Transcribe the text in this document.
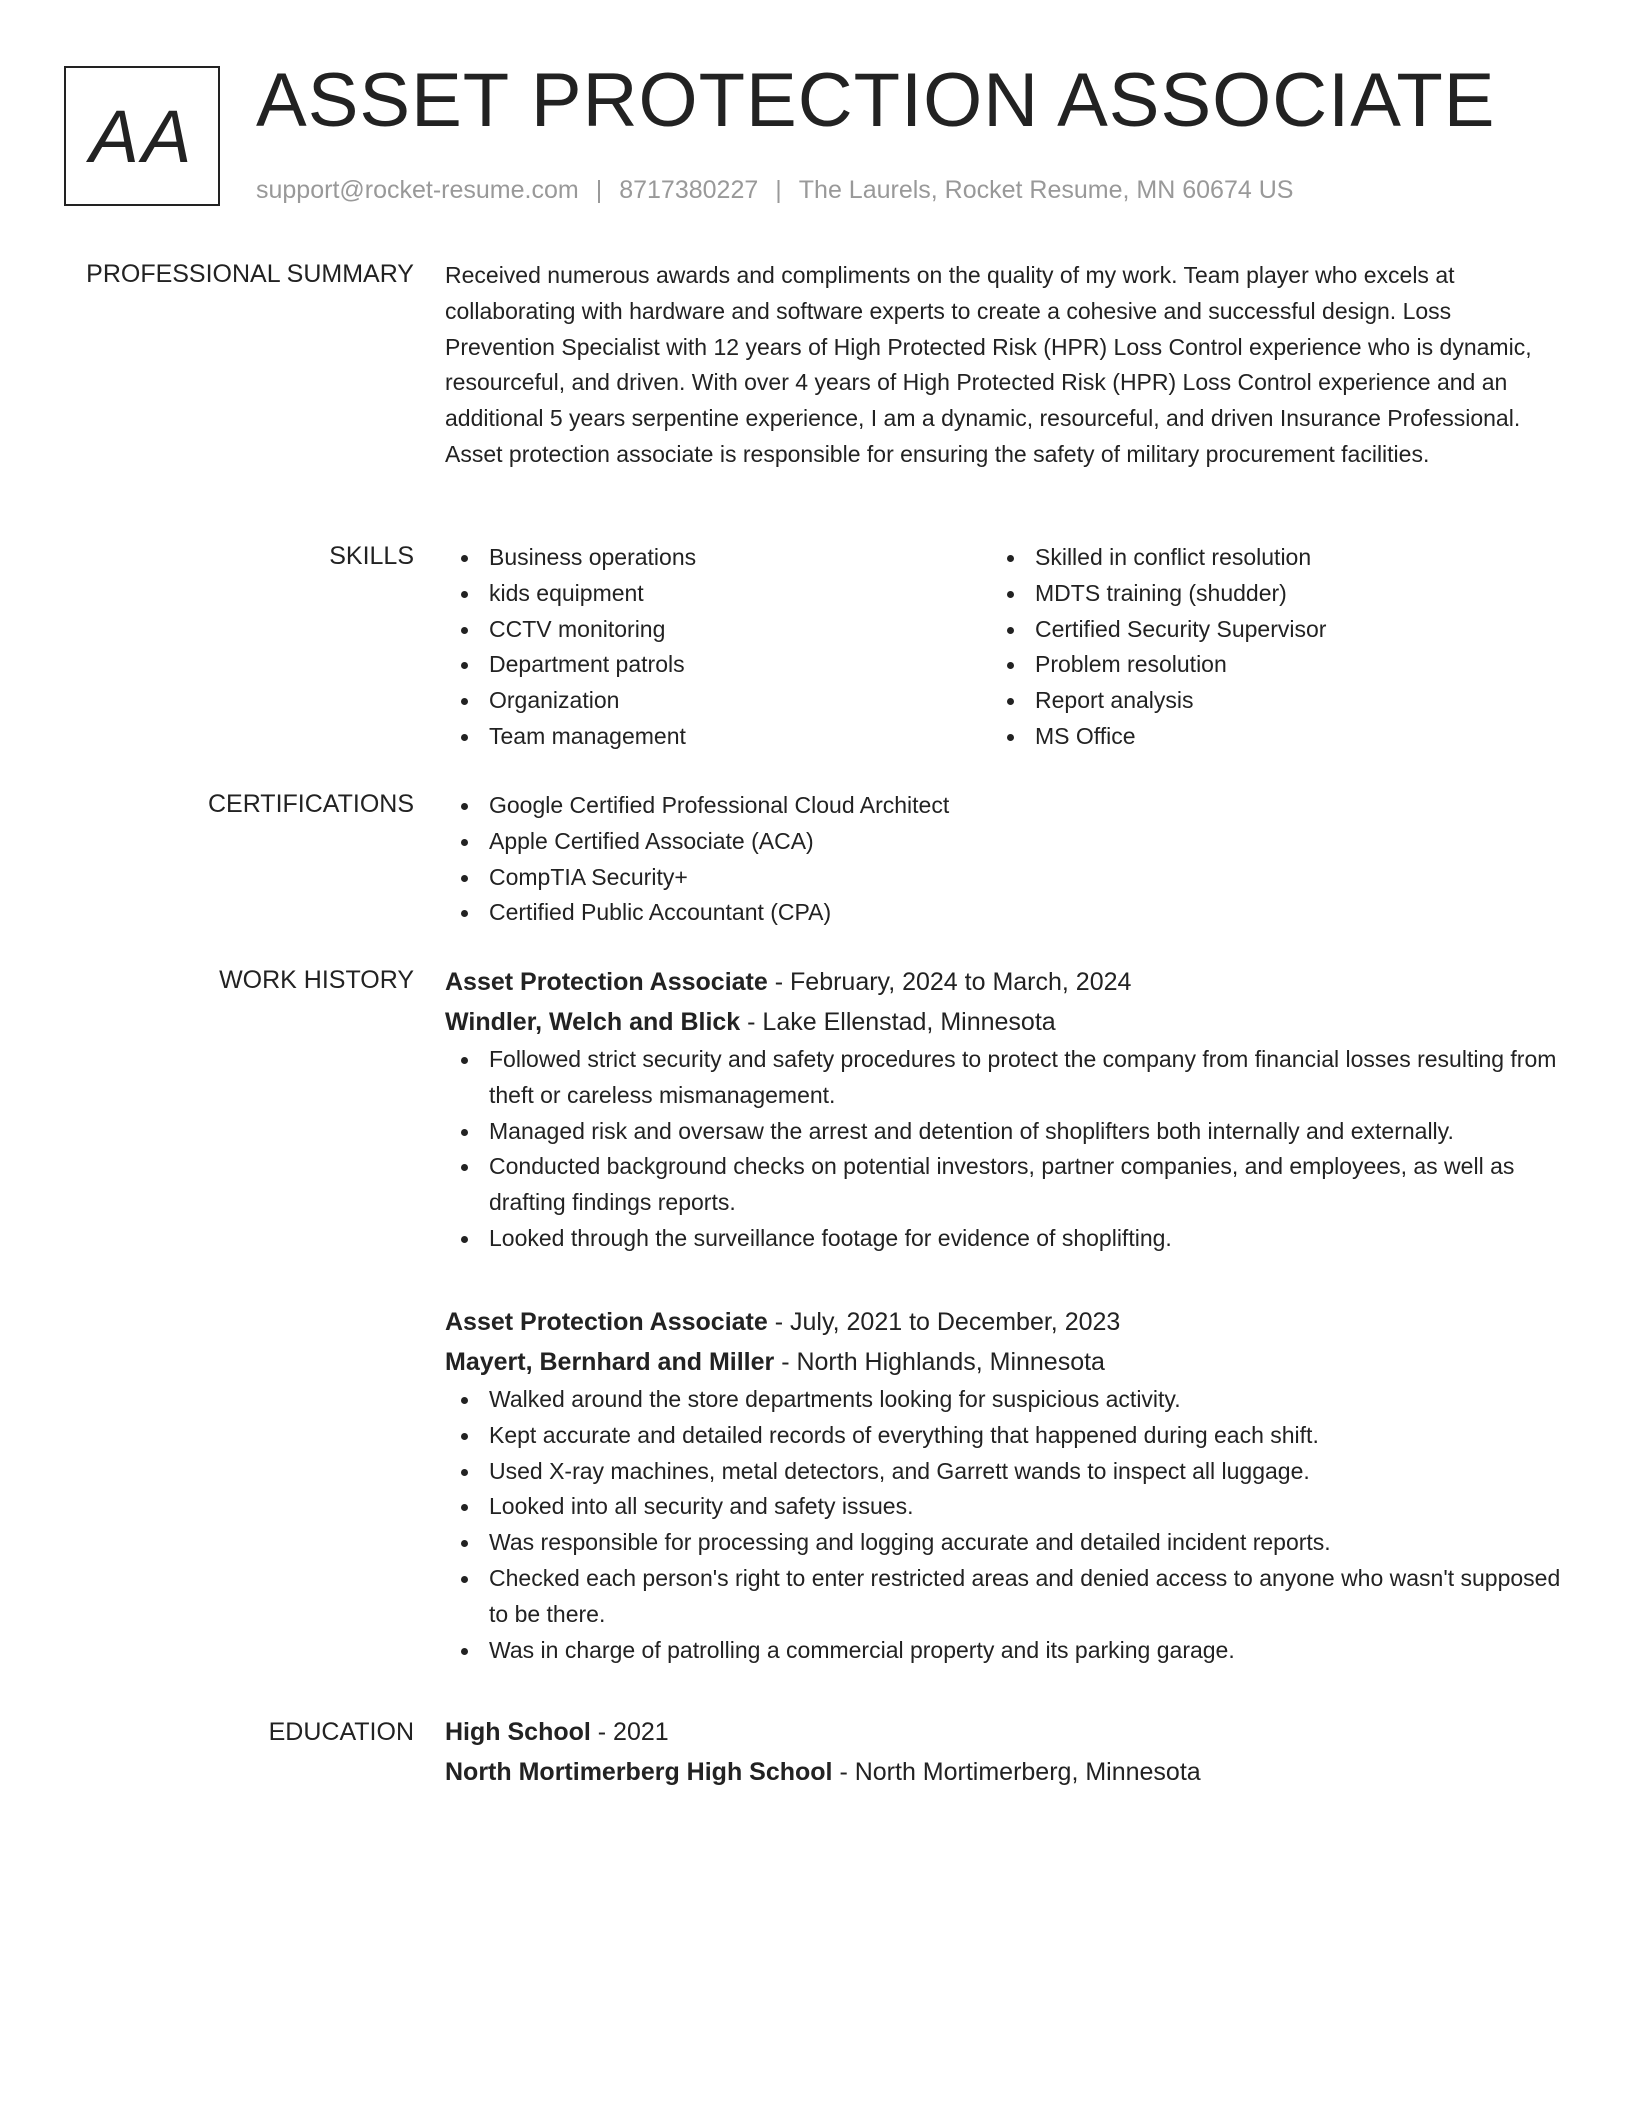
AA ASSET PROTECTION ASSOCIATE
support@rocket-resume.com | 8717380227 | The Laurels, Rocket Resume, MN 60674 US
PROFESSIONAL SUMMARY Received numerous awards and compliments on the quality of my work. Team player who excels at collaborating with hardware and software experts to create a cohesive and successful design. Loss Prevention Specialist with 12 years of High Protected Risk (HPR) Loss Control experience who is dynamic, resourceful, and driven. With over 4 years of High Protected Risk (HPR) Loss Control experience and an additional 5 years serpentine experience, I am a dynamic, resourceful, and driven Insurance Professional. Asset protection associate is responsible for ensuring the safety of military procurement facilities.

SKILLS	Business operations
kids equipment
CCTV monitoring
Department patrols
Organization
Team management
Skilled in conflict resolution
MDTS training (shudder)
Certified Security Supervisor
Problem resolution
Report analysis
MS Office
CERTIFICATIONS	Google Certified Professional Cloud Architect
Apple Certified Associate (ACA)
CompTIA Security+
Certified Public Accountant (CPA)
WORK HISTORY Asset Protection Associate - February, 2024 to March, 2024
Windler, Welch and Blick - Lake Ellenstad, Minnesota
Followed strict security and safety procedures to protect the company from financial losses resulting from theft or careless mismanagement.
Managed risk and oversaw the arrest and detention of shoplifters both internally and externally.
Conducted background checks on potential investors, partner companies, and employees, as well as drafting findings reports.
Looked through the surveillance footage for evidence of shoplifting.
Asset Protection Associate - July, 2021 to December, 2023
Mayert, Bernhard and Miller - North Highlands, Minnesota
Walked around the store departments looking for suspicious activity.
Kept accurate and detailed records of everything that happened during each shift.
Used X-ray machines, metal detectors, and Garrett wands to inspect all luggage.
Looked into all security and safety issues.
Was responsible for processing and logging accurate and detailed incident reports.
Checked each person's right to enter restricted areas and denied access to anyone who wasn't supposed to be there.
Was in charge of patrolling a commercial property and its parking garage.
EDUCATION High School - 2021
North Mortimerberg High School - North Mortimerberg, Minnesota
